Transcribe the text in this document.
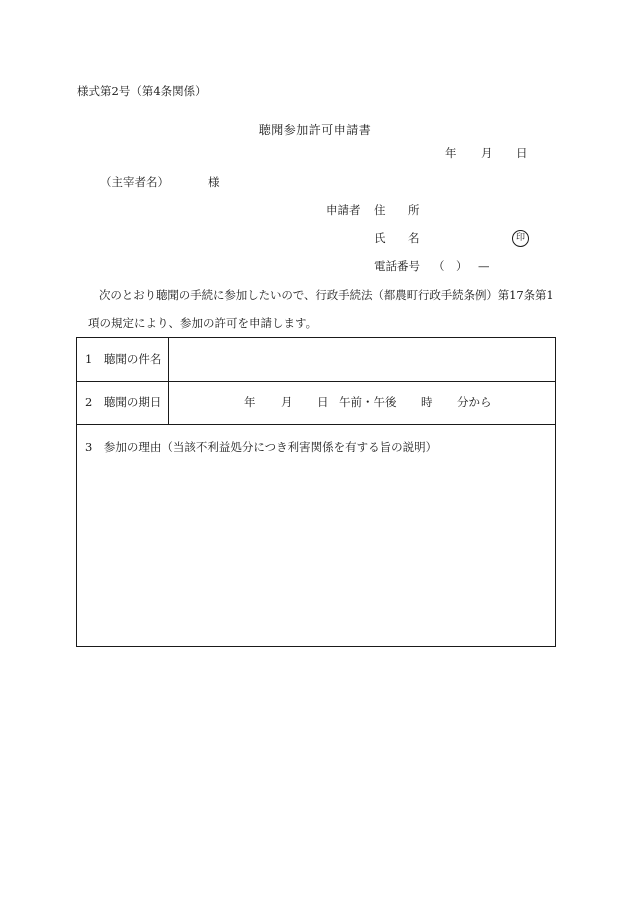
様式第2号（第4条関係）
聴聞参加許可申請書
年 月 日
（主宰者名）	様
申請者 住 所
氏 名	印
電話番号 （　） —
次のとおり聴聞の手続に参加したいので、行政手続法（都農町行政手続条例）第17条第1
項の規定により、参加の許可を申請します。
1　聴聞の件名
2　聴聞の期日	年 月 日 午前・午後 時 分から
3　参加の理由（当該不利益処分につき利害関係を有する旨の説明）
